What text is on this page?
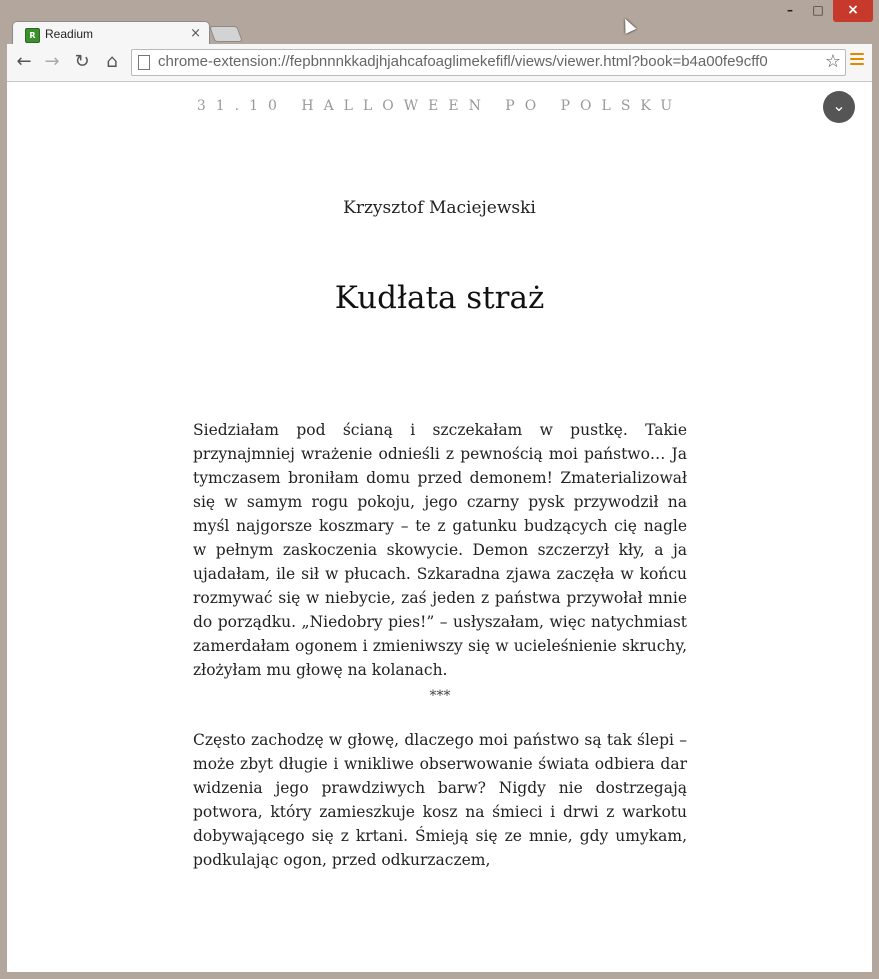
R Readium	×
–	□	×
← → ↻ ⌂	chrome-extension://fepbnnnkkadjhjahcafoaglimekefifl/views/viewer.html?book=b4a00fe9cff0	☆
31.10 HALLOWEEN PO POLSKU	⌄
Krzysztof Maciejewski
Kudłata straż

Siedziałam pod ścianą i szczekałam w pustkę. Takie przynajmniej wrażenie odnieśli z pewnością moi państwo… Ja tymczasem broniłam domu przed demonem! Zmaterializował się w samym rogu pokoju, jego czarny pysk przywodził na myśl najgorsze koszmary – te z gatunku budzących cię nagle w pełnym zaskoczenia skowycie. Demon szczerzył kły, a ja ujadałam, ile sił w płucach. Szkaradna zjawa zaczęła w końcu rozmywać się w niebycie, zaś jeden z państwa przywołał mnie do porządku. „Niedobry pies!” – usłyszałam, więc natychmiast zamerdałam ogonem i zmieniwszy się w ucieleśnienie skruchy, złożyłam mu głowę na kolanach.

***

Często zachodzę w głowę, dlaczego moi państwo są tak ślepi – może zbyt długie i wnikliwe obserwowanie świata odbiera dar widzenia jego prawdziwych barw? Nigdy nie dostrzegają potwora, który zamieszkuje kosz na śmieci i drwi z warkotu dobywającego się z krtani. Śmieją się ze mnie, gdy umykam, podkulając ogon, przed odkurzaczem,
